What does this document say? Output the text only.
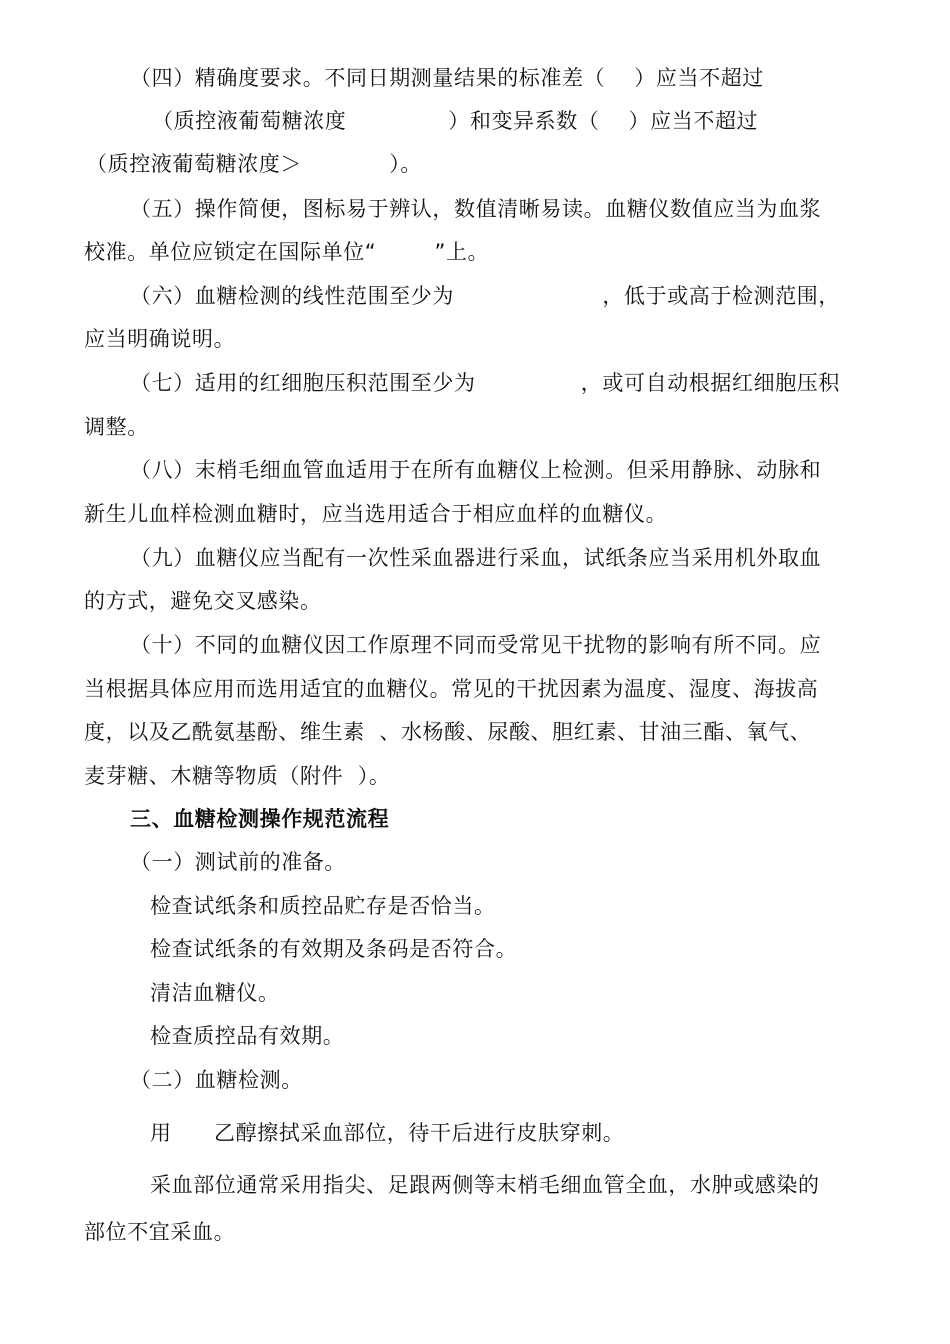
（四）精确度要求。不同日期测量结果的标准差（    ）应当不超过
（质控液葡萄糖浓度              ）和变异系数（    ）应当不超过
（质控液葡萄糖浓度＞            ）。
（五）操作简便，图标易于辨认，数值清晰易读。血糖仪数值应当为血浆
校准。单位应锁定在国际单位“        ”上。
（六）血糖检测的线性范围至少为	，低于或高于检测范围，
应当明确说明。
（七）适用的红细胞压积范围至少为	，或可自动根据红细胞压积
调整。
（八）末梢毛细血管血适用于在所有血糖仪上检测。但采用静脉、动脉和
新生儿血样检测血糖时，应当选用适合于相应血样的血糖仪。
（九）血糖仪应当配有一次性采血器进行采血，试纸条应当采用机外取血
的方式，避免交叉感染。
（十）不同的血糖仪因工作原理不同而受常见干扰物的影响有所不同。应
当根据具体应用而选用适宜的血糖仪。常见的干扰因素为温度、湿度、海拔高
度，以及乙酰氨基酚、维生素  、水杨酸、尿酸、胆红素、甘油三酯、氧气、
麦芽糖、木糖等物质（附件  ）。
三、血糖检测操作规范流程
（一）测试前的准备。
检查试纸条和质控品贮存是否恰当。
检查试纸条的有效期及条码是否符合。
清洁血糖仪。
检查质控品有效期。
（二）血糖检测。
用 乙醇擦拭采血部位，待干后进行皮肤穿刺。
采血部位通常采用指尖、足跟两侧等末梢毛细血管全血，水肿或感染的
部位不宜采血。
